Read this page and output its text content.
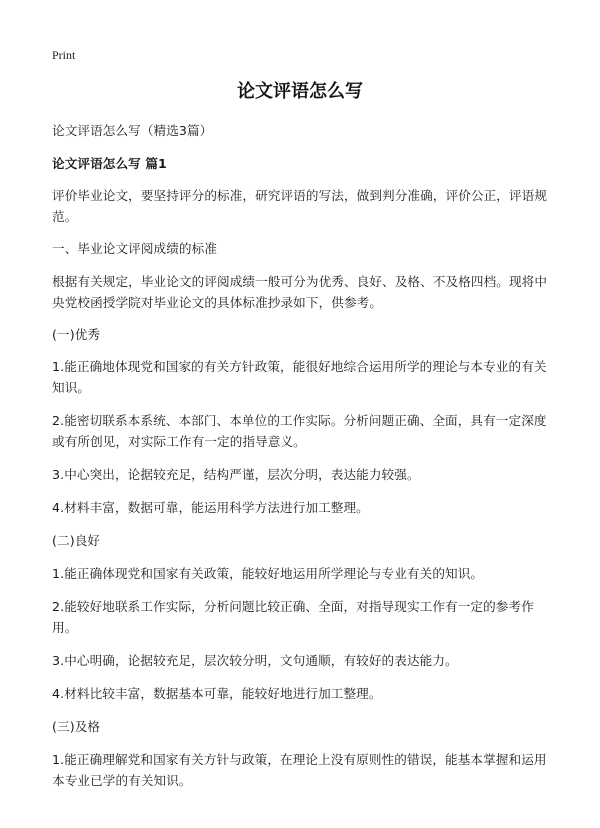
Print
论文评语怎么写

论文评语怎么写（精选3篇）

论文评语怎么写 篇1

评价毕业论文，要坚持评分的标准，研究评语的写法，做到判分准确，评价公正，评语规范。

一、毕业论文评阅成绩的标准

根据有关规定，毕业论文的评阅成绩一般可分为优秀、良好、及格、不及格四档。现将中央党校函授学院对毕业论文的具体标准抄录如下，供参考。

(一)优秀

1.能正确地体现党和国家的有关方针政策，能很好地综合运用所学的理论与本专业的有关知识。

2.能密切联系本系统、本部门、本单位的工作实际。分析问题正确、全面，具有一定深度或有所创见，对实际工作有一定的指导意义。

3.中心突出，论据较充足，结构严谨，层次分明，表达能力较强。

4.材料丰富，数据可靠，能运用科学方法进行加工整理。

(二)良好

1.能正确体现党和国家有关政策，能较好地运用所学理论与专业有关的知识。

2.能较好地联系工作实际，分析问题比较正确、全面，对指导现实工作有一定的参考作用。

3.中心明确，论据较充足，层次较分明，文句通顺，有较好的表达能力。

4.材料比较丰富，数据基本可靠，能较好地进行加工整理。

(三)及格

1.能正确理解党和国家有关方针与政策，在理论上没有原则性的错误，能基本掌握和运用本专业已学的有关知识。
